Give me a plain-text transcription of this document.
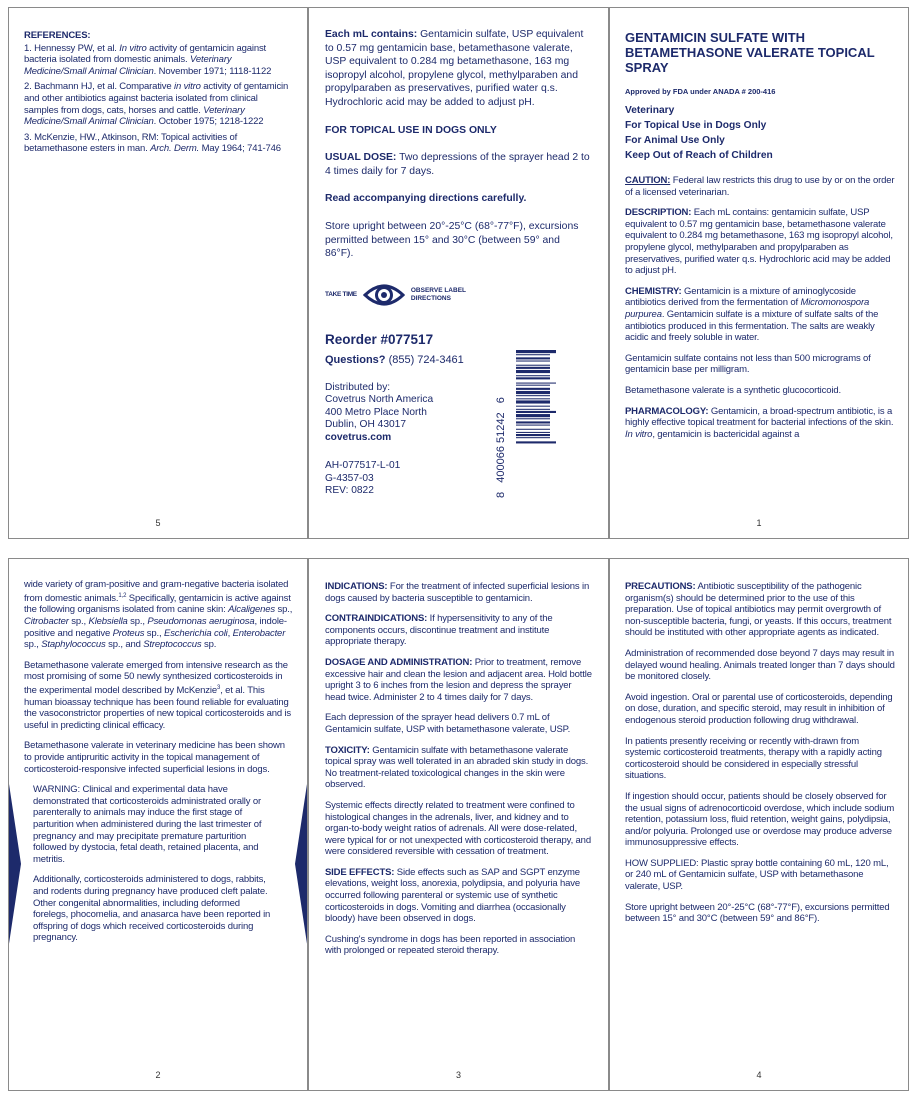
REFERENCES:

1. Hennessy PW, et al. In vitro activity of gentamicin against bacteria isolated from domestic animals. Veterinary Medicine/Small Animal Clinician. November 1971; 1118-1122

2. Bachmann HJ, et al. Comparative in vitro activity of gentamicin and other antibiotics against bacteria isolated from clinical samples from dogs, cats, horses and cattle. Veterinary Medicine/Small Animal Clinician. October 1975; 1218-1222

3. McKenzie, HW., Atkinson, RM: Topical activities of betamethasone esters in man. Arch. Derm. May 1964; 741-746

5

Each mL contains: Gentamicin sulfate, USP equivalent to 0.57 mg gentamicin base, betamethasone valerate, USP equivalent to 0.284 mg betamethasone, 163 mg isopropyl alcohol, propylene glycol, methylparaben and propylparaben as preservatives, purified water q.s. Hydrochloric acid may be added to adjust pH.

FOR TOPICAL USE IN DOGS ONLY

USUAL DOSE: Two depressions of the sprayer head 2 to 4 times daily for 7 days.

Read accompanying directions carefully.

Store upright between 20°-25°C (68°-77°F), excursions permitted between 15° and 30°C (between 59° and 86°F).

TAKE TIME
OBSERVE LABEL
DIRECTIONS
Reorder #077517
Questions? (855) 724-3461
Distributed by:
Covetrus North America
400 Metro Place North
Dublin, OH 43017
covetrus.com
AH-077517-L-01
G-4357-03
REV: 0822	8   400066 51242   6
GENTAMICIN SULFATE WITH
BETAMETHASONE VALERATE TOPICAL SPRAY
Approved by FDA under ANADA # 200-416
Veterinary
For Topical Use in Dogs Only
For Animal Use Only
Keep Out of Reach of Children

CAUTION: Federal law restricts this drug to use by or on the order of a licensed veterinarian.

DESCRIPTION: Each mL contains: gentamicin sulfate, USP equivalent to 0.57 mg gentamicin base, betamethasone valerate equivalent to 0.284 mg betamethasone, 163 mg isopropyl alcohol, propylene glycol, methylparaben and propylparaben as preservatives, purified water q.s. Hydrochloric acid may be added to adjust pH.

CHEMISTRY: Gentamicin is a mixture of aminoglycoside antibiotics derived from the fermentation of Micromonospora purpurea. Gentamicin sulfate is a mixture of sulfate salts of the antibiotics produced in this fermentation. The salts are weakly acidic and freely soluble in water.

Gentamicin sulfate contains not less than 500 micrograms of gentamicin base per milligram.

Betamethasone valerate is a synthetic glucocorticoid.

PHARMACOLOGY: Gentamicin, a broad-spectrum antibiotic, is a highly effective topical treatment for bacterial infections of the skin. In vitro, gentamicin is bactericidal against a

1

wide variety of gram-positive and gram-negative bacteria isolated from domestic animals.$^{1,2}$ Specifically, gentamicin is active against the following organisms isolated from canine skin: Alcaligenes sp., Citrobacter sp., Klebsiella sp., Pseudomonas aeruginosa, indole-positive and negative Proteus sp., Escherichia coli, Enterobacter sp., Staphylococcus sp., and Streptococcus sp.

Betamethasone valerate emerged from intensive research as the most promising of some 50 newly synthesized corticosteroids in the experimental model described by McKenzie$^3$, et al. This human bioassay technique has been found reliable for evaluating the vasoconstrictor properties of new topical corticosteroids and is useful in predicting clinical efficacy.

Betamethasone valerate in veterinary medicine has been shown to provide antipruritic activity in the topical management of corticosteroid-responsive infected superficial lesions in dogs.

WARNING: Clinical and experimental data have demonstrated that corticosteroids administrated orally or parenterally to animals may induce the first stage of parturition when administered during the last trimester of pregnancy and may precipitate premature parturition followed by dystocia, fetal death, retained placenta, and metritis.

Additionally, corticosteroids administered to dogs, rabbits, and rodents during pregnancy have produced cleft palate. Other congenital abnormalities, including deformed forelegs, phocomelia, and anasarca have been reported in offspring of dogs which received corticosteroids during pregnancy.

2

INDICATIONS: For the treatment of infected superficial lesions in dogs caused by bacteria susceptible to gentamicin.

CONTRAINDICATIONS: If hypersensitivity to any of the components occurs, discontinue treatment and institute appropriate therapy.

DOSAGE AND ADMINISTRATION: Prior to treatment, remove excessive hair and clean the lesion and adjacent area. Hold bottle upright 3 to 6 inches from the lesion and depress the sprayer head twice. Administer 2 to 4 times daily for 7 days.

Each depression of the sprayer head delivers 0.7 mL of Gentamicin sulfate, USP with betamethasone valerate, USP.

TOXICITY: Gentamicin sulfate with betamethasone valerate topical spray was well tolerated in an abraded skin study in dogs. No treatment-related toxicological changes in the skin were observed.

Systemic effects directly related to treatment were confined to histological changes in the adrenals, liver, and kidney and to organ-to-body weight ratios of adrenals. All were dose-related, were typical for or not unexpected with corticosteroid therapy, and were considered reversible with cessation of treatment.

SIDE EFFECTS: Side effects such as SAP and SGPT enzyme elevations, weight loss, anorexia, polydipsia, and polyuria have occurred following parenteral or systemic use of synthetic corticosteroids in dogs. Vomiting and diarrhea (occasionally bloody) have been observed in dogs.

Cushing's syndrome in dogs has been reported in association with prolonged or repeated steroid therapy.

3

PRECAUTIONS: Antibiotic susceptibility of the pathogenic organism(s) should be determined prior to the use of this preparation. Use of topical antibiotics may permit overgrowth of non-susceptible bacteria, fungi, or yeasts. If this occurs, treatment should be instituted with other appropriate agents as indicated.

Administration of recommended dose beyond 7 days may result in delayed wound healing. Animals treated longer than 7 days should be monitored closely.

Avoid ingestion. Oral or parental use of corticosteroids, depending on dose, duration, and specific steroid, may result in inhibition of endogenous steroid production following drug withdrawal.

In patients presently receiving or recently with-drawn from systemic corticosteroid treatments, therapy with a rapidly acting corticosteroid should be considered in especially stressful situations.

If ingestion should occur, patients should be closely observed for the usual signs of adrenocorticoid overdose, which include sodium retention, potassium loss, fluid retention, weight gains, polydipsia, and/or polyuria. Prolonged use or overdose may produce adverse immunosuppressive effects.

HOW SUPPLIED: Plastic spray bottle containing 60 mL, 120 mL, or 240 mL of Gentamicin sulfate, USP with betamethasone valerate, USP.

Store upright between 20°-25°C (68°-77°F), excursions permitted between 15° and 30°C (between 59° and 86°F).

4
